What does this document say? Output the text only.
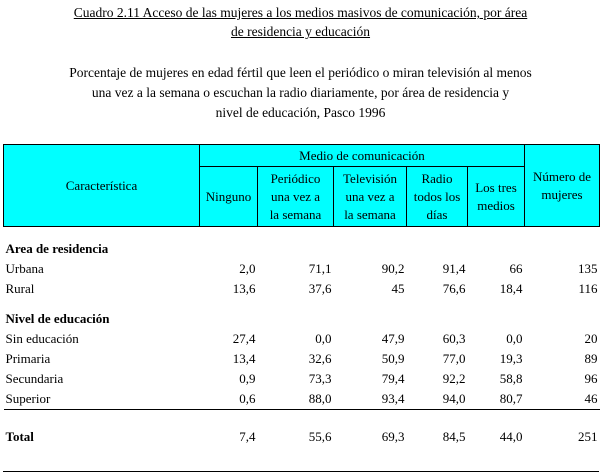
Cuadro 2.11 Acceso de las mujeres a los medios masivos de comunicación, por área
de residencia y educación
Porcentaje de mujeres en edad fértil que leen el periódico o miran televisión al menos
una vez a la semana o escuchan la radio diariamente, por área de residencia y
nivel de educación, Pasco 1996
Característica	Medio de comunicación					Número de
mujeres
	Ninguno	Periódico
una vez a
la semana	Televisión
una vez a
la semana	Radio
todos los
días	Los tres
medios	

Area de residencia						
Urbana	2,0	71,1	90,2	91,4	66	135
Rural	13,6	37,6	45	76,6	18,4	116

Nivel de educación						
Sin educación	27,4	0,0	47,9	60,3	0,0	20
Primaria	13,4	32,6	50,9	77,0	19,3	89
Secundaria	0,9	73,3	79,4	92,2	58,8	96
Superior	0,6	88,0	93,4	94,0	80,7	46
Total	7,4	55,6	69,3	84,5	44,0	251
